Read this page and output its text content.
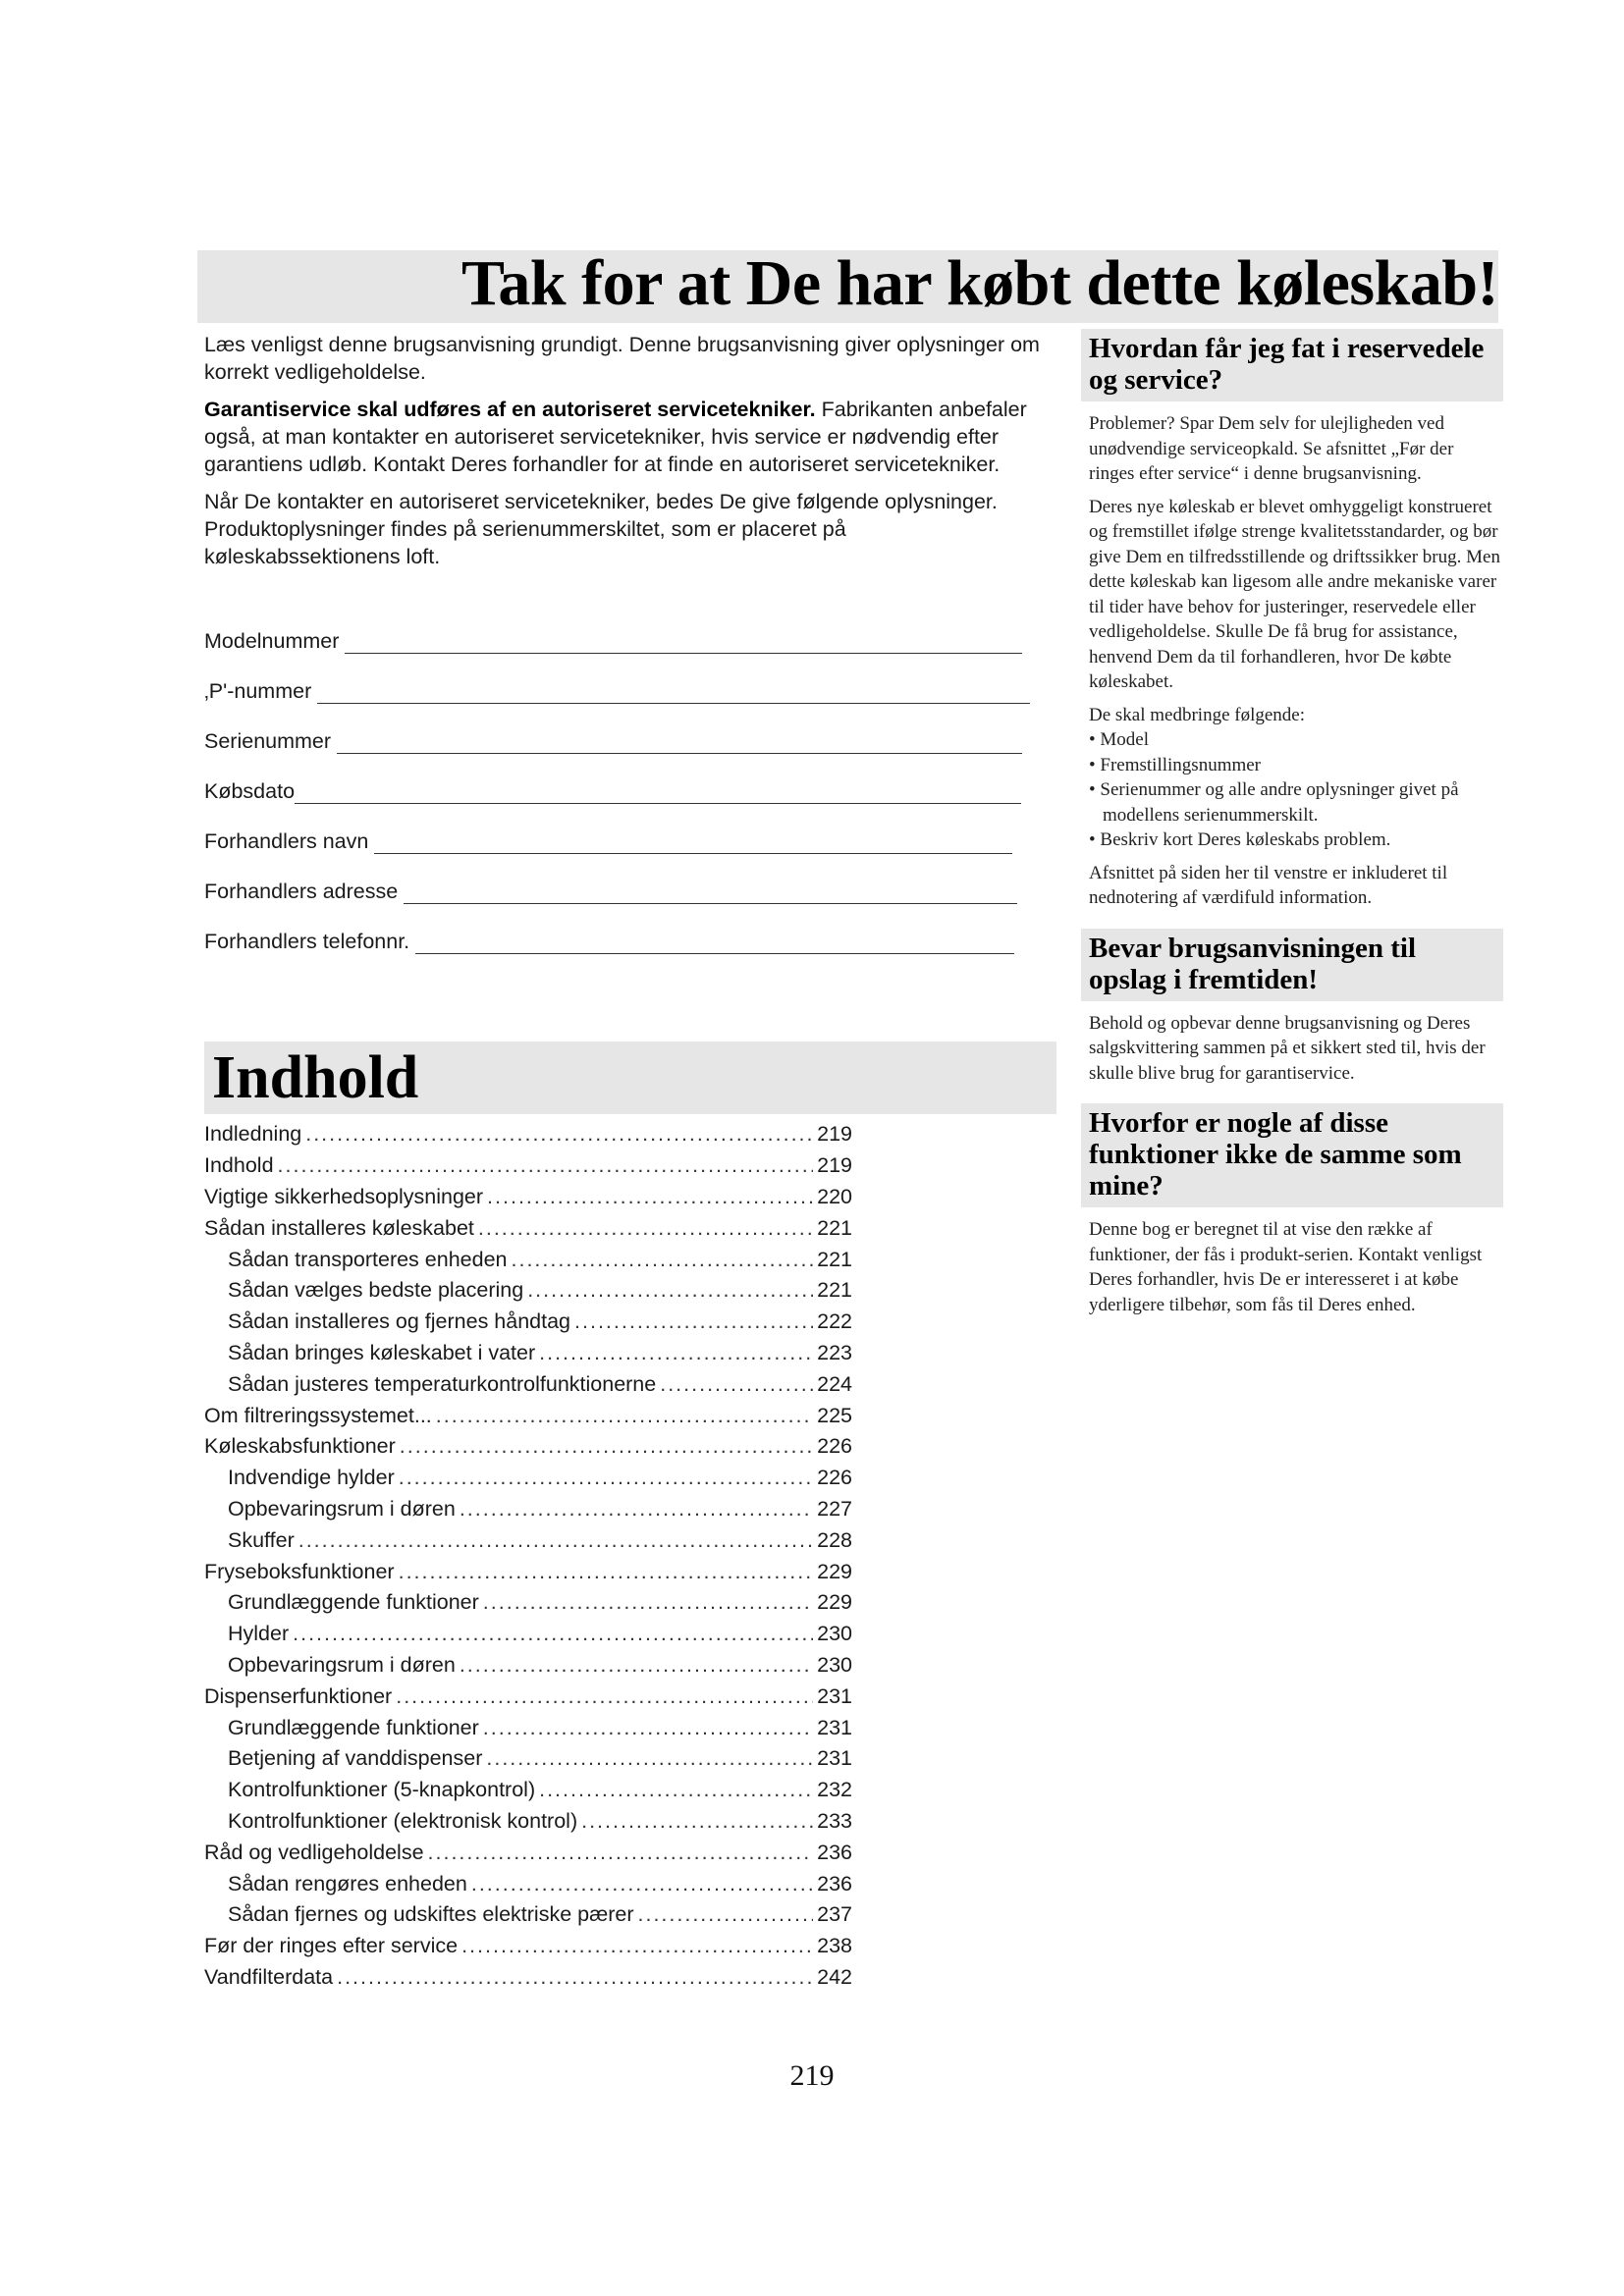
Tak for at De har købt dette køleskab!

Læs venligst denne brugsanvisning grundigt. Denne brugsanvisning giver oplysninger om korrekt vedligeholdelse.

Garantiservice skal udføres af en autoriseret servicetekniker. Fabrikanten anbefaler også, at man kontakter en autoriseret servicetekniker, hvis service er nødvendig efter garantiens udløb. Kontakt Deres forhandler for at finde en autoriseret servicetekniker.

Når De kontakter en autoriseret servicetekniker, bedes De give følgende oplysninger. Produktoplysninger findes på serienummerskiltet, som er placeret på køleskabssektionens loft.

Modelnummer
‚P'-nummer
Serienummer
Købsdato
Forhandlers navn
Forhandlers adresse
Forhandlers telefonnr.
Indhold
Indledning .....	219
Indhold .....	219
Vigtige sikkerhedsoplysninger .....	220
Sådan installeres køleskabet .....	221
Sådan transporteres enheden .....	221
Sådan vælges bedste placering .....	221
Sådan installeres og fjernes håndtag .....	222
Sådan bringes køleskabet i vater .....	223
Sådan justeres temperaturkontrolfunktionerne .....	224
Om filtreringssystemet... .....	225
Køleskabsfunktioner .....	226
Indvendige hylder .....	226
Opbevaringsrum i døren .....	227
Skuffer .....	228
Fryseboksfunktioner .....	229
Grundlæggende funktioner .....	229
Hylder .....	230
Opbevaringsrum i døren .....	230
Dispenserfunktioner .....	231
Grundlæggende funktioner .....	231
Betjening af vanddispenser .....	231
Kontrolfunktioner (5-knapkontrol) .....	232
Kontrolfunktioner (elektronisk kontrol) .....	233
Råd og vedligeholdelse .....	236
Sådan rengøres enheden .....	236
Sådan fjernes og udskiftes elektriske pærer .....	237
Før der ringes efter service .....	238
Vandfilterdata .....	242
Hvordan får jeg fat i reservedele og service?

Problemer? Spar Dem selv for ulejligheden ved unødvendige serviceopkald. Se afsnittet „Før der ringes efter service“ i denne brugsanvisning.

Deres nye køleskab er blevet omhyggeligt konstrueret og fremstillet ifølge strenge kvalitetsstandarder, og bør give Dem en tilfredsstillende og driftssikker brug. Men dette køleskab kan ligesom alle andre mekaniske varer til tider have behov for justeringer, reservedele eller vedligeholdelse. Skulle De få brug for assistance, henvend Dem da til forhandleren, hvor De købte køleskabet.

De skal medbringe følgende:

• Model
• Fremstillingsnummer
• Serienummer og alle andre oplysninger givet på modellens serienummerskilt.
• Beskriv kort Deres køleskabs problem.

Afsnittet på siden her til venstre er inkluderet til nednotering af værdifuld information.

Bevar brugsanvisningen til opslag i fremtiden!

Behold og opbevar denne brugsanvisning og Deres salgskvittering sammen på et sikkert sted til, hvis der skulle blive brug for garantiservice.

Hvorfor er nogle af disse funktioner ikke de samme som mine?

Denne bog er beregnet til at vise den række af funktioner, der fås i produkt-serien. Kontakt venligst Deres forhandler, hvis De er interesseret i at købe yderligere tilbehør, som fås til Deres enhed.

219
